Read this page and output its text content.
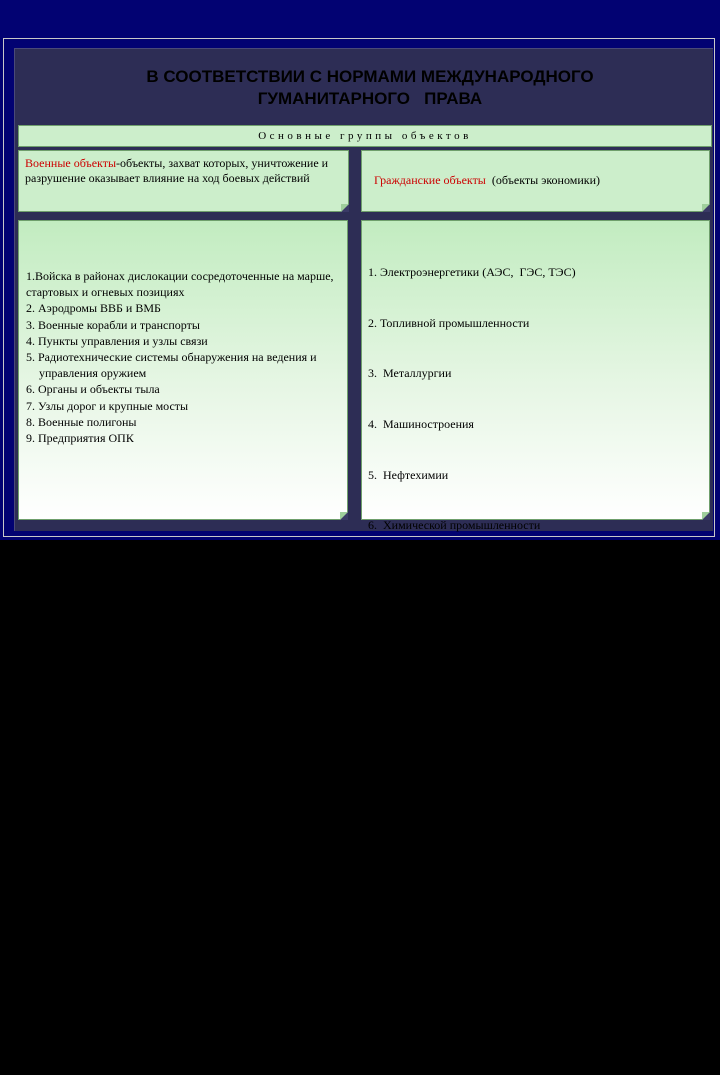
В СООТВЕТСТВИИ С НОРМАМИ МЕЖДУНАРОДНОГО
ГУМАНИТАРНОГО   ПРАВА
Основные группы объектов
Военные объекты-объекты, захват которых, уничтожение и разрушение оказывает влияние на ход боевых действий	Гражданские объекты  (объекты экономики)
1.Войска в районах дислокации сосредоточенные на марше, стартовых и огневых позициях
2. Аэродромы ВВБ и ВМБ
3. Военные корабли и транспорты
4. Пункты управления и узлы связи
5. Радиотехнические системы обнаружения на ведения и управления оружием
6. Органы и объекты тыла
7. Узлы дорог и крупные мосты
8. Военные полигоны
9. Предприятия ОПК

1. Электроэнергетики (АЭС,  ГЭС, ТЭС)

2. Топливной промышленности

3.  Металлургии

4.  Машиностроения

5.  Нефтехимии

6.  Химической промышленности

7.  Электротехнической промышленности

8.  Радиоэлектроники

9.  Легкой промышленности

10. Пищевой промышленности

11. Транспортная система

12. Трубопроводы

13. Гидротехнические сооружения

14. Объекты связи

15. Склады государственных резервов

16. Научные центры
